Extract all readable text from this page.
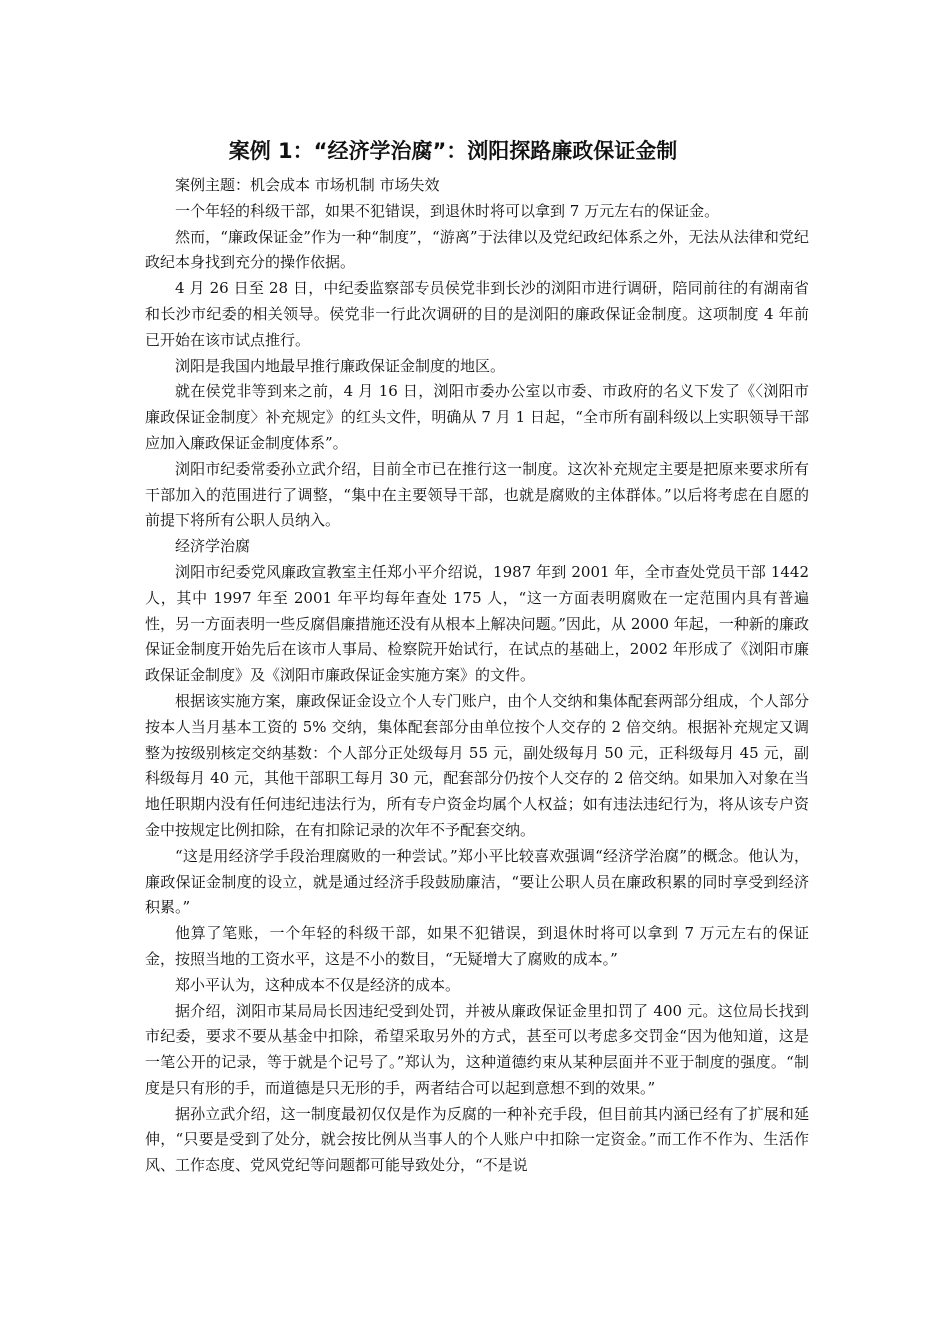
案例 1：“经济学治腐”：浏阳探路廉政保证金制

案例主题：机会成本 市场机制 市场失效

一个年轻的科级干部，如果不犯错误，到退休时将可以拿到 7 万元左右的保证金。

然而，“廉政保证金”作为一种“制度”，“游离”于法律以及党纪政纪体系之外，无法从法律和党纪政纪本身找到充分的操作依据。

4 月 26 日至 28 日，中纪委监察部专员侯党非到长沙的浏阳市进行调研，陪同前往的有湖南省和长沙市纪委的相关领导。侯党非一行此次调研的目的是浏阳的廉政保证金制度。这项制度 4 年前已开始在该市试点推行。

浏阳是我国内地最早推行廉政保证金制度的地区。

就在侯党非等到来之前，4 月 16 日，浏阳市委办公室以市委、市政府的名义下发了《〈浏阳市廉政保证金制度〉补充规定》的红头文件，明确从 7 月 1 日起，“全市所有副科级以上实职领导干部应加入廉政保证金制度体系”。

浏阳市纪委常委孙立武介绍，目前全市已在推行这一制度。这次补充规定主要是把原来要求所有干部加入的范围进行了调整，“集中在主要领导干部，也就是腐败的主体群体。”以后将考虑在自愿的前提下将所有公职人员纳入。

经济学治腐

浏阳市纪委党风廉政宣教室主任郑小平介绍说，1987 年到 2001 年，全市查处党员干部 1442 人，其中 1997 年至 2001 年平均每年查处 175 人，“这一方面表明腐败在一定范围内具有普遍性，另一方面表明一些反腐倡廉措施还没有从根本上解决问题。”因此，从 2000 年起，一种新的廉政保证金制度开始先后在该市人事局、检察院开始试行，在试点的基础上，2002 年形成了《浏阳市廉政保证金制度》及《浏阳市廉政保证金实施方案》的文件。

根据该实施方案，廉政保证金设立个人专门账户，由个人交纳和集体配套两部分组成，个人部分按本人当月基本工资的 5% 交纳，集体配套部分由单位按个人交存的 2 倍交纳。根据补充规定又调整为按级别核定交纳基数：个人部分正处级每月 55 元，副处级每月 50 元，正科级每月 45 元，副科级每月 40 元，其他干部职工每月 30 元，配套部分仍按个人交存的 2 倍交纳。如果加入对象在当地任职期内没有任何违纪违法行为，所有专户资金均属个人权益；如有违法违纪行为，将从该专户资金中按规定比例扣除，在有扣除记录的次年不予配套交纳。

“这是用经济学手段治理腐败的一种尝试。”郑小平比较喜欢强调“经济学治腐”的概念。他认为，廉政保证金制度的设立，就是通过经济手段鼓励廉洁，“要让公职人员在廉政积累的同时享受到经济积累。”

他算了笔账，一个年轻的科级干部，如果不犯错误，到退休时将可以拿到 7 万元左右的保证金，按照当地的工资水平，这是不小的数目，“无疑增大了腐败的成本。”

郑小平认为，这种成本不仅是经济的成本。

据介绍，浏阳市某局局长因违纪受到处罚，并被从廉政保证金里扣罚了 400 元。这位局长找到市纪委，要求不要从基金中扣除，希望采取另外的方式，甚至可以考虑多交罚金“因为他知道，这是一笔公开的记录，等于就是个记号了。”郑认为，这种道德约束从某种层面并不亚于制度的强度。“制度是只有形的手，而道德是只无形的手，两者结合可以起到意想不到的效果。”

据孙立武介绍，这一制度最初仅仅是作为反腐的一种补充手段，但目前其内涵已经有了扩展和延伸，“只要是受到了处分，就会按比例从当事人的个人账户中扣除一定资金。”而工作不作为、生活作风、工作态度、党风党纪等问题都可能导致处分，“不是说
